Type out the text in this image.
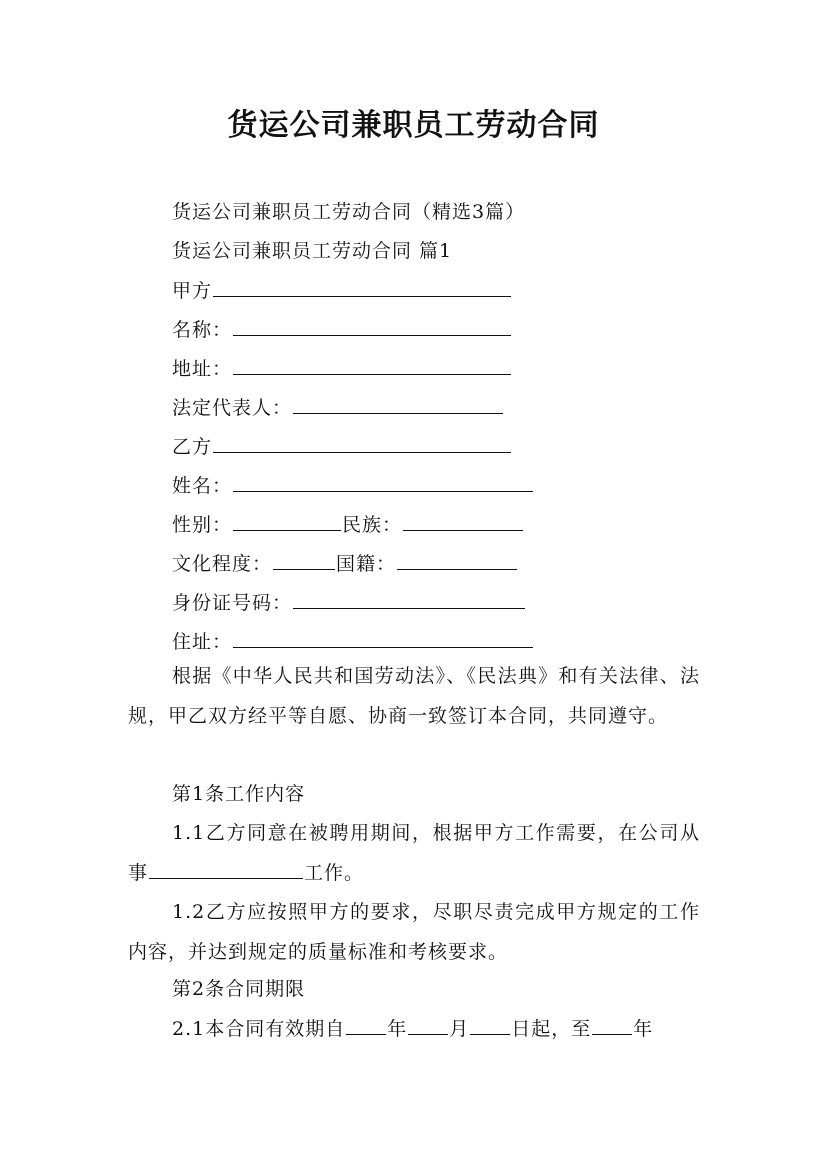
货运公司兼职员工劳动合同
货运公司兼职员工劳动合同（精选3篇）
货运公司兼职员工劳动合同 篇1
甲方
名称：
地址：
法定代表人：
乙方
姓名：
性别：	民族：
文化程度：	国籍：
身份证号码：
住址：
根据《中华人民共和国劳动法》、《民法典》和有关法律、法规，甲乙双方经平等自愿、协商一致签订本合同，共同遵守。
第1条工作内容
1.1乙方同意在被聘用期间，根据甲方工作需要，在公司从事	工作。
1.2乙方应按照甲方的要求，尽职尽责完成甲方规定的工作内容，并达到规定的质量标准和考核要求。
第2条合同期限
2.1本合同有效期自 年 月 日起，至 年
